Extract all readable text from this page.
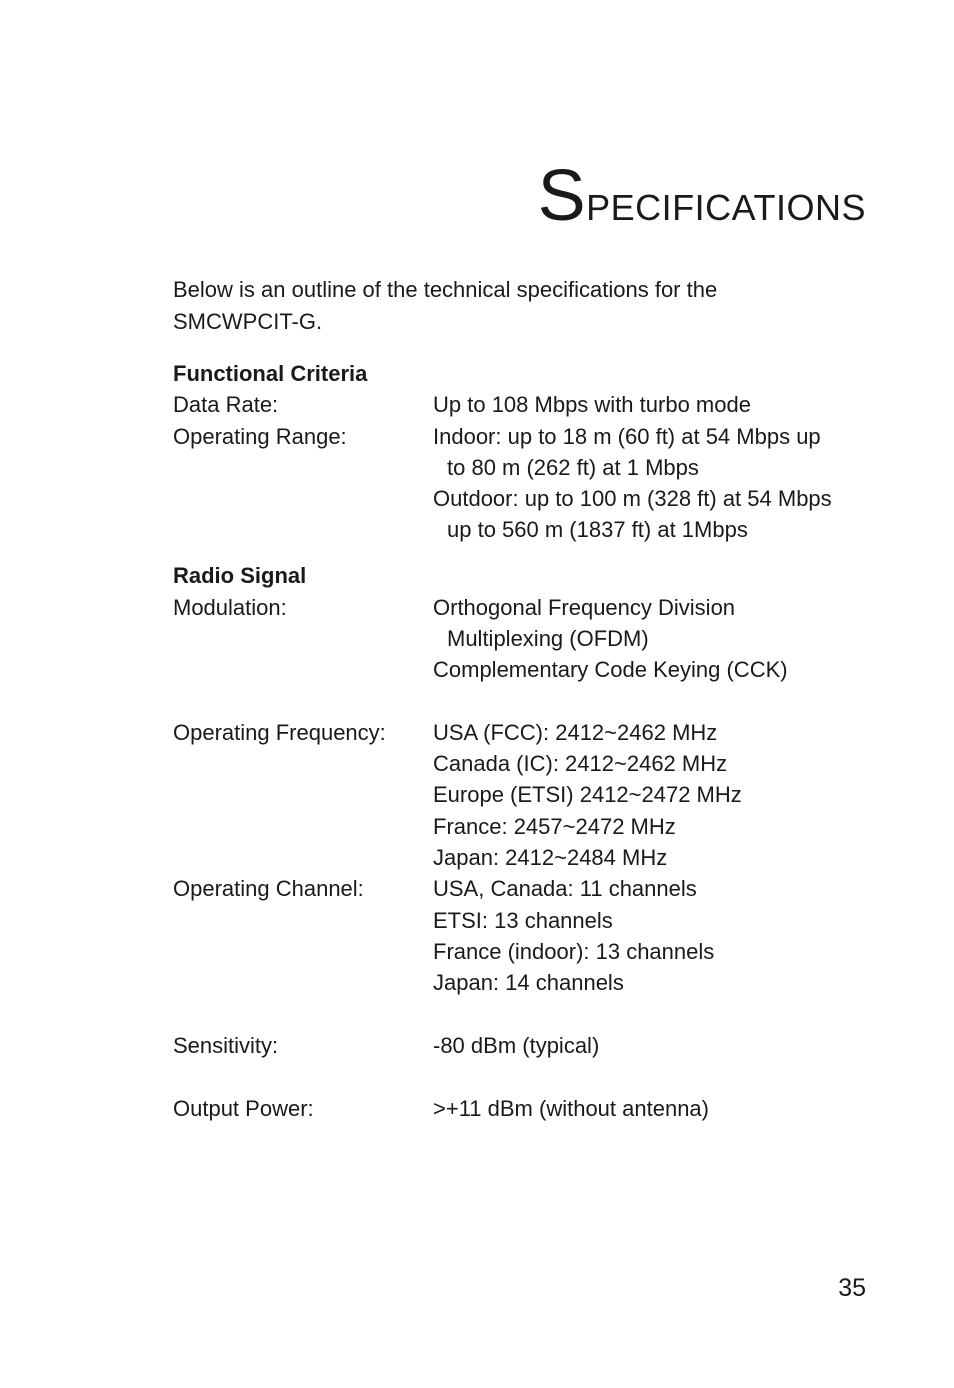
Specifications

Below is an outline of the technical specifications for the SMCWPCIT-G.

Functional Criteria
Data Rate:	Up to 108 Mbps with turbo mode
Operating Range:	Indoor: up to 18 m (60 ft) at 54 Mbps up
to 80 m (262 ft) at 1 Mbps
Outdoor: up to 100 m (328 ft) at 54 Mbps
up to 560 m (1837 ft) at 1Mbps
Radio Signal
Modulation:	Orthogonal Frequency Division
Multiplexing (OFDM)
Complementary Code Keying (CCK)
Operating Frequency: USA (FCC): 2412~2462 MHz
Canada (IC): 2412~2462 MHz
Europe (ETSI) 2412~2472 MHz
France: 2457~2472 MHz
Japan: 2412~2484 MHz
Operating Channel:	USA, Canada: 11 channels
ETSI: 13 channels
France (indoor): 13 channels
Japan: 14 channels
Sensitivity:	-80 dBm (typical)
Output Power:	>+11 dBm (without antenna)
35
